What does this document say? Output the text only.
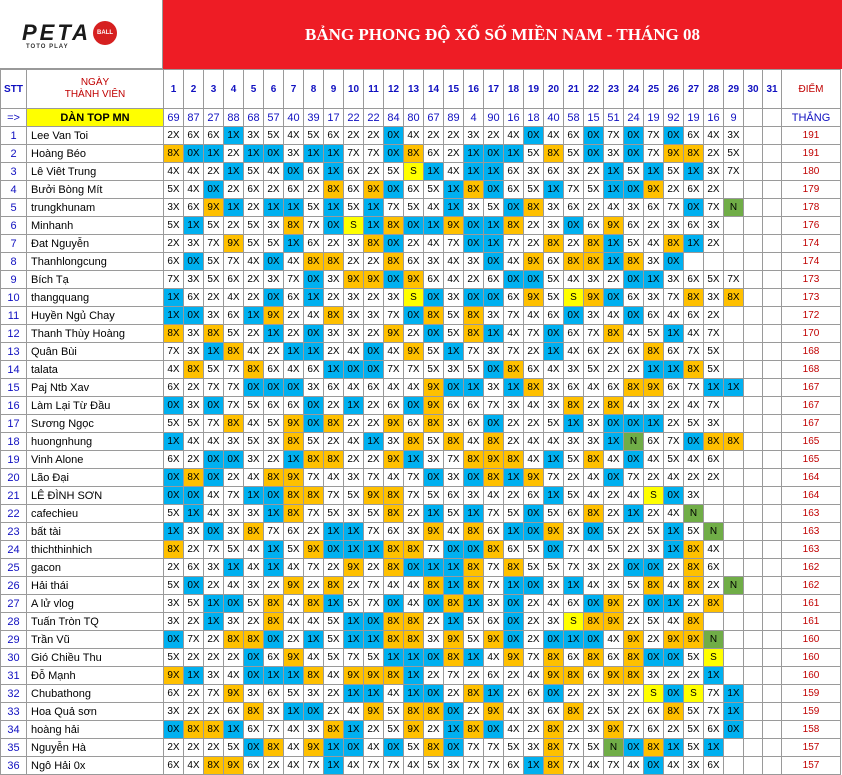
PETA	BALL
TOTO PLAY
BẢNG PHONG ĐỘ XỔ SỐ MIỀN NAM - THÁNG 08
STT	NGÀY
THÀNH VIÊN	1	2	3	4	5	6	7	8	9	10	11	12	13	14	15	16	17	18	19	20	21	22	23	24	25	26	27	28	29	30	31	ĐIỂM
=>	DÀN TOP MN	69	87	27	88	68	57	40	39	17	22	22	84	80	67	89	4	90	16	18	40	58	15	51	24	19	92	19	16	9			THẮNG
1	Lee Van Toi	2X	6X	6X	1X	3X	5X	4X	5X	6X	2X	2X	0X	4X	2X	2X	3X	2X	4X	0X	4X	6X	0X	7X	0X	7X	0X	6X	4X	3X			191
2	Hoàng Béo	8X	0X	1X	2X	1X	0X	3X	1X	1X	7X	7X	0X	8X	6X	2X	1X	0X	1X	5X	8X	5X	0X	3X	0X	7X	9X	8X	2X	5X			191
3	Lê Viêt Trung	4X	4X	2X	1X	5X	4X	0X	6X	1X	6X	2X	5X	S	1X	4X	1X	1X	6X	3X	6X	3X	2X	1X	5X	1X	5X	1X	3X	7X			180
4	Bưởi Bòng Mít	5X	4X	0X	2X	6X	2X	6X	2X	8X	6X	9X	0X	6X	5X	1X	8X	0X	6X	5X	1X	7X	5X	1X	0X	9X	2X	6X	2X				179
5	trungkhunam	3X	6X	9X	1X	2X	1X	1X	5X	1X	5X	1X	7X	5X	4X	1X	3X	5X	0X	8X	3X	6X	2X	4X	3X	6X	7X	0X	7X	N			178
6	Minhanh	5X	1X	5X	2X	5X	3X	8X	7X	0X	S	1X	8X	0X	1X	9X	0X	1X	8X	2X	3X	0X	6X	9X	6X	2X	3X	6X	3X				176
7	Đat Nguyễn	2X	3X	7X	9X	5X	5X	1X	6X	2X	3X	8X	0X	2X	4X	7X	0X	1X	7X	2X	8X	2X	8X	1X	5X	4X	8X	1X	2X				174
8	Thanhlongcung	6X	0X	5X	7X	4X	0X	4X	8X	8X	2X	2X	8X	6X	3X	4X	3X	0X	4X	9X	6X	8X	8X	1X	8X	3X	0X						174
9	Bích Tạ	7X	3X	5X	6X	2X	3X	7X	0X	3X	9X	9X	0X	9X	6X	4X	2X	6X	0X	0X	5X	4X	3X	2X	0X	1X	3X	6X	5X	7X			173
10	thangquang	1X	6X	2X	4X	2X	0X	6X	1X	2X	3X	2X	3X	S	0X	3X	0X	0X	6X	9X	5X	S	9X	0X	6X	3X	7X	8X	3X	8X			173
11	Huyền Ngủ Chay	1X	0X	3X	6X	1X	9X	2X	4X	8X	3X	3X	7X	0X	8X	5X	8X	3X	7X	4X	6X	0X	3X	4X	0X	6X	4X	6X	2X				172
12	Thanh Thùy Hoàng	8X	3X	8X	5X	2X	1X	2X	0X	3X	3X	2X	9X	2X	0X	5X	8X	1X	4X	7X	0X	6X	7X	8X	4X	5X	1X	4X	7X				170
13	Quân Bùi	7X	3X	1X	8X	4X	2X	1X	1X	2X	4X	0X	4X	9X	5X	1X	7X	3X	7X	2X	1X	4X	6X	2X	6X	8X	6X	7X	5X				168
14	talata	4X	8X	5X	7X	8X	6X	4X	6X	1X	0X	0X	7X	7X	5X	3X	5X	0X	8X	6X	4X	3X	5X	2X	2X	1X	1X	8X	5X				168
15	Paj Ntb Xav	6X	2X	7X	7X	0X	0X	0X	3X	6X	4X	6X	4X	4X	9X	0X	1X	3X	1X	8X	3X	6X	4X	6X	8X	9X	6X	7X	1X	1X			167
16	Làm Lại Từ Đầu	0X	3X	0X	7X	5X	6X	6X	0X	2X	1X	2X	6X	0X	9X	6X	6X	7X	3X	4X	3X	8X	2X	8X	4X	3X	2X	4X	7X				167
17	Sương Ngọc	5X	5X	7X	8X	4X	5X	9X	0X	8X	2X	2X	9X	6X	8X	3X	6X	0X	2X	2X	5X	1X	3X	0X	0X	1X	2X	5X	3X				167
18	huongnhung	1X	4X	4X	3X	5X	3X	8X	5X	2X	4X	1X	3X	8X	5X	8X	4X	8X	2X	4X	4X	3X	3X	1X	N	6X	7X	0X	8X	8X			165
19	Vinh Alone	6X	2X	0X	0X	3X	2X	1X	8X	8X	2X	2X	9X	1X	3X	7X	8X	9X	8X	4X	1X	5X	8X	4X	0X	4X	5X	4X	6X				165
20	Lão Đại	0X	8X	0X	2X	4X	8X	9X	7X	4X	3X	7X	4X	7X	0X	3X	0X	8X	1X	9X	7X	2X	4X	0X	7X	2X	4X	2X	2X				164
21	LÊ ĐÌNH SƠN	0X	0X	4X	7X	1X	0X	8X	8X	7X	5X	9X	8X	7X	5X	6X	3X	4X	2X	6X	1X	5X	4X	2X	4X	S	0X	3X					164
22	cafechieu	5X	1X	4X	3X	3X	1X	8X	7X	5X	3X	5X	8X	2X	1X	5X	1X	7X	5X	0X	5X	6X	8X	2X	1X	2X	4X	N					163
23	bất tài	1X	3X	0X	3X	8X	7X	6X	2X	1X	1X	7X	6X	3X	9X	4X	8X	6X	1X	0X	9X	3X	0X	5X	2X	5X	1X	5X	N				163
24	thichthinhich	8X	2X	7X	5X	4X	1X	5X	9X	0X	1X	1X	8X	8X	7X	0X	0X	8X	6X	5X	0X	7X	4X	5X	2X	3X	1X	8X	4X				163
25	gacon	2X	6X	3X	1X	4X	1X	4X	7X	2X	9X	2X	8X	0X	1X	1X	8X	7X	8X	5X	5X	7X	3X	2X	0X	0X	2X	8X	6X				162
26	Hải thái	5X	0X	2X	4X	3X	2X	9X	2X	8X	2X	7X	4X	4X	8X	1X	8X	7X	1X	0X	3X	1X	4X	3X	5X	8X	4X	8X	2X	N			162
27	A lử vlog	3X	5X	1X	0X	5X	8X	4X	8X	1X	5X	7X	0X	4X	0X	8X	1X	3X	0X	2X	4X	6X	0X	9X	2X	0X	1X	2X	8X				161
28	Tuấn Tròn TQ	3X	2X	1X	3X	2X	8X	4X	4X	5X	1X	0X	8X	8X	2X	1X	5X	6X	0X	2X	3X	S	8X	9X	2X	5X	4X	8X					161
29	Trần Vũ	0X	7X	2X	8X	8X	0X	2X	1X	5X	1X	1X	8X	8X	3X	9X	5X	9X	0X	2X	0X	1X	0X	4X	9X	2X	9X	9X	N				160
30	Gió Chiều Thu	5X	2X	2X	2X	0X	6X	9X	4X	5X	7X	5X	1X	1X	0X	8X	1X	4X	9X	7X	8X	6X	8X	6X	8X	0X	0X	5X	S				160
31	Đỗ Mạnh	9X	1X	3X	4X	0X	1X	1X	8X	4X	9X	9X	8X	1X	2X	7X	2X	6X	2X	4X	9X	8X	6X	9X	8X	3X	2X	2X	1X				160
32	Chubathong	6X	2X	7X	9X	3X	6X	5X	3X	2X	1X	1X	4X	1X	0X	2X	8X	1X	2X	6X	0X	2X	2X	3X	2X	S	0X	S	7X	1X			159
33	Hoa Quả sơn	3X	2X	2X	6X	8X	3X	1X	0X	2X	4X	9X	5X	8X	8X	0X	2X	9X	4X	3X	6X	8X	2X	5X	2X	6X	8X	5X	7X	1X			159
34	hoàng hải	0X	8X	8X	1X	6X	7X	4X	3X	8X	1X	2X	5X	9X	2X	1X	8X	0X	4X	2X	8X	2X	3X	9X	7X	6X	2X	5X	6X	0X			158
35	Nguyễn Hà	2X	2X	2X	5X	0X	8X	4X	9X	1X	0X	4X	0X	5X	8X	0X	7X	7X	5X	3X	8X	7X	5X	N	0X	8X	1X	5X	1X				157
36	Ngô Hải 0x	6X	4X	8X	9X	6X	2X	4X	7X	1X	4X	7X	7X	4X	5X	3X	7X	7X	6X	1X	8X	7X	4X	7X	4X	0X	4X	3X	6X				157
